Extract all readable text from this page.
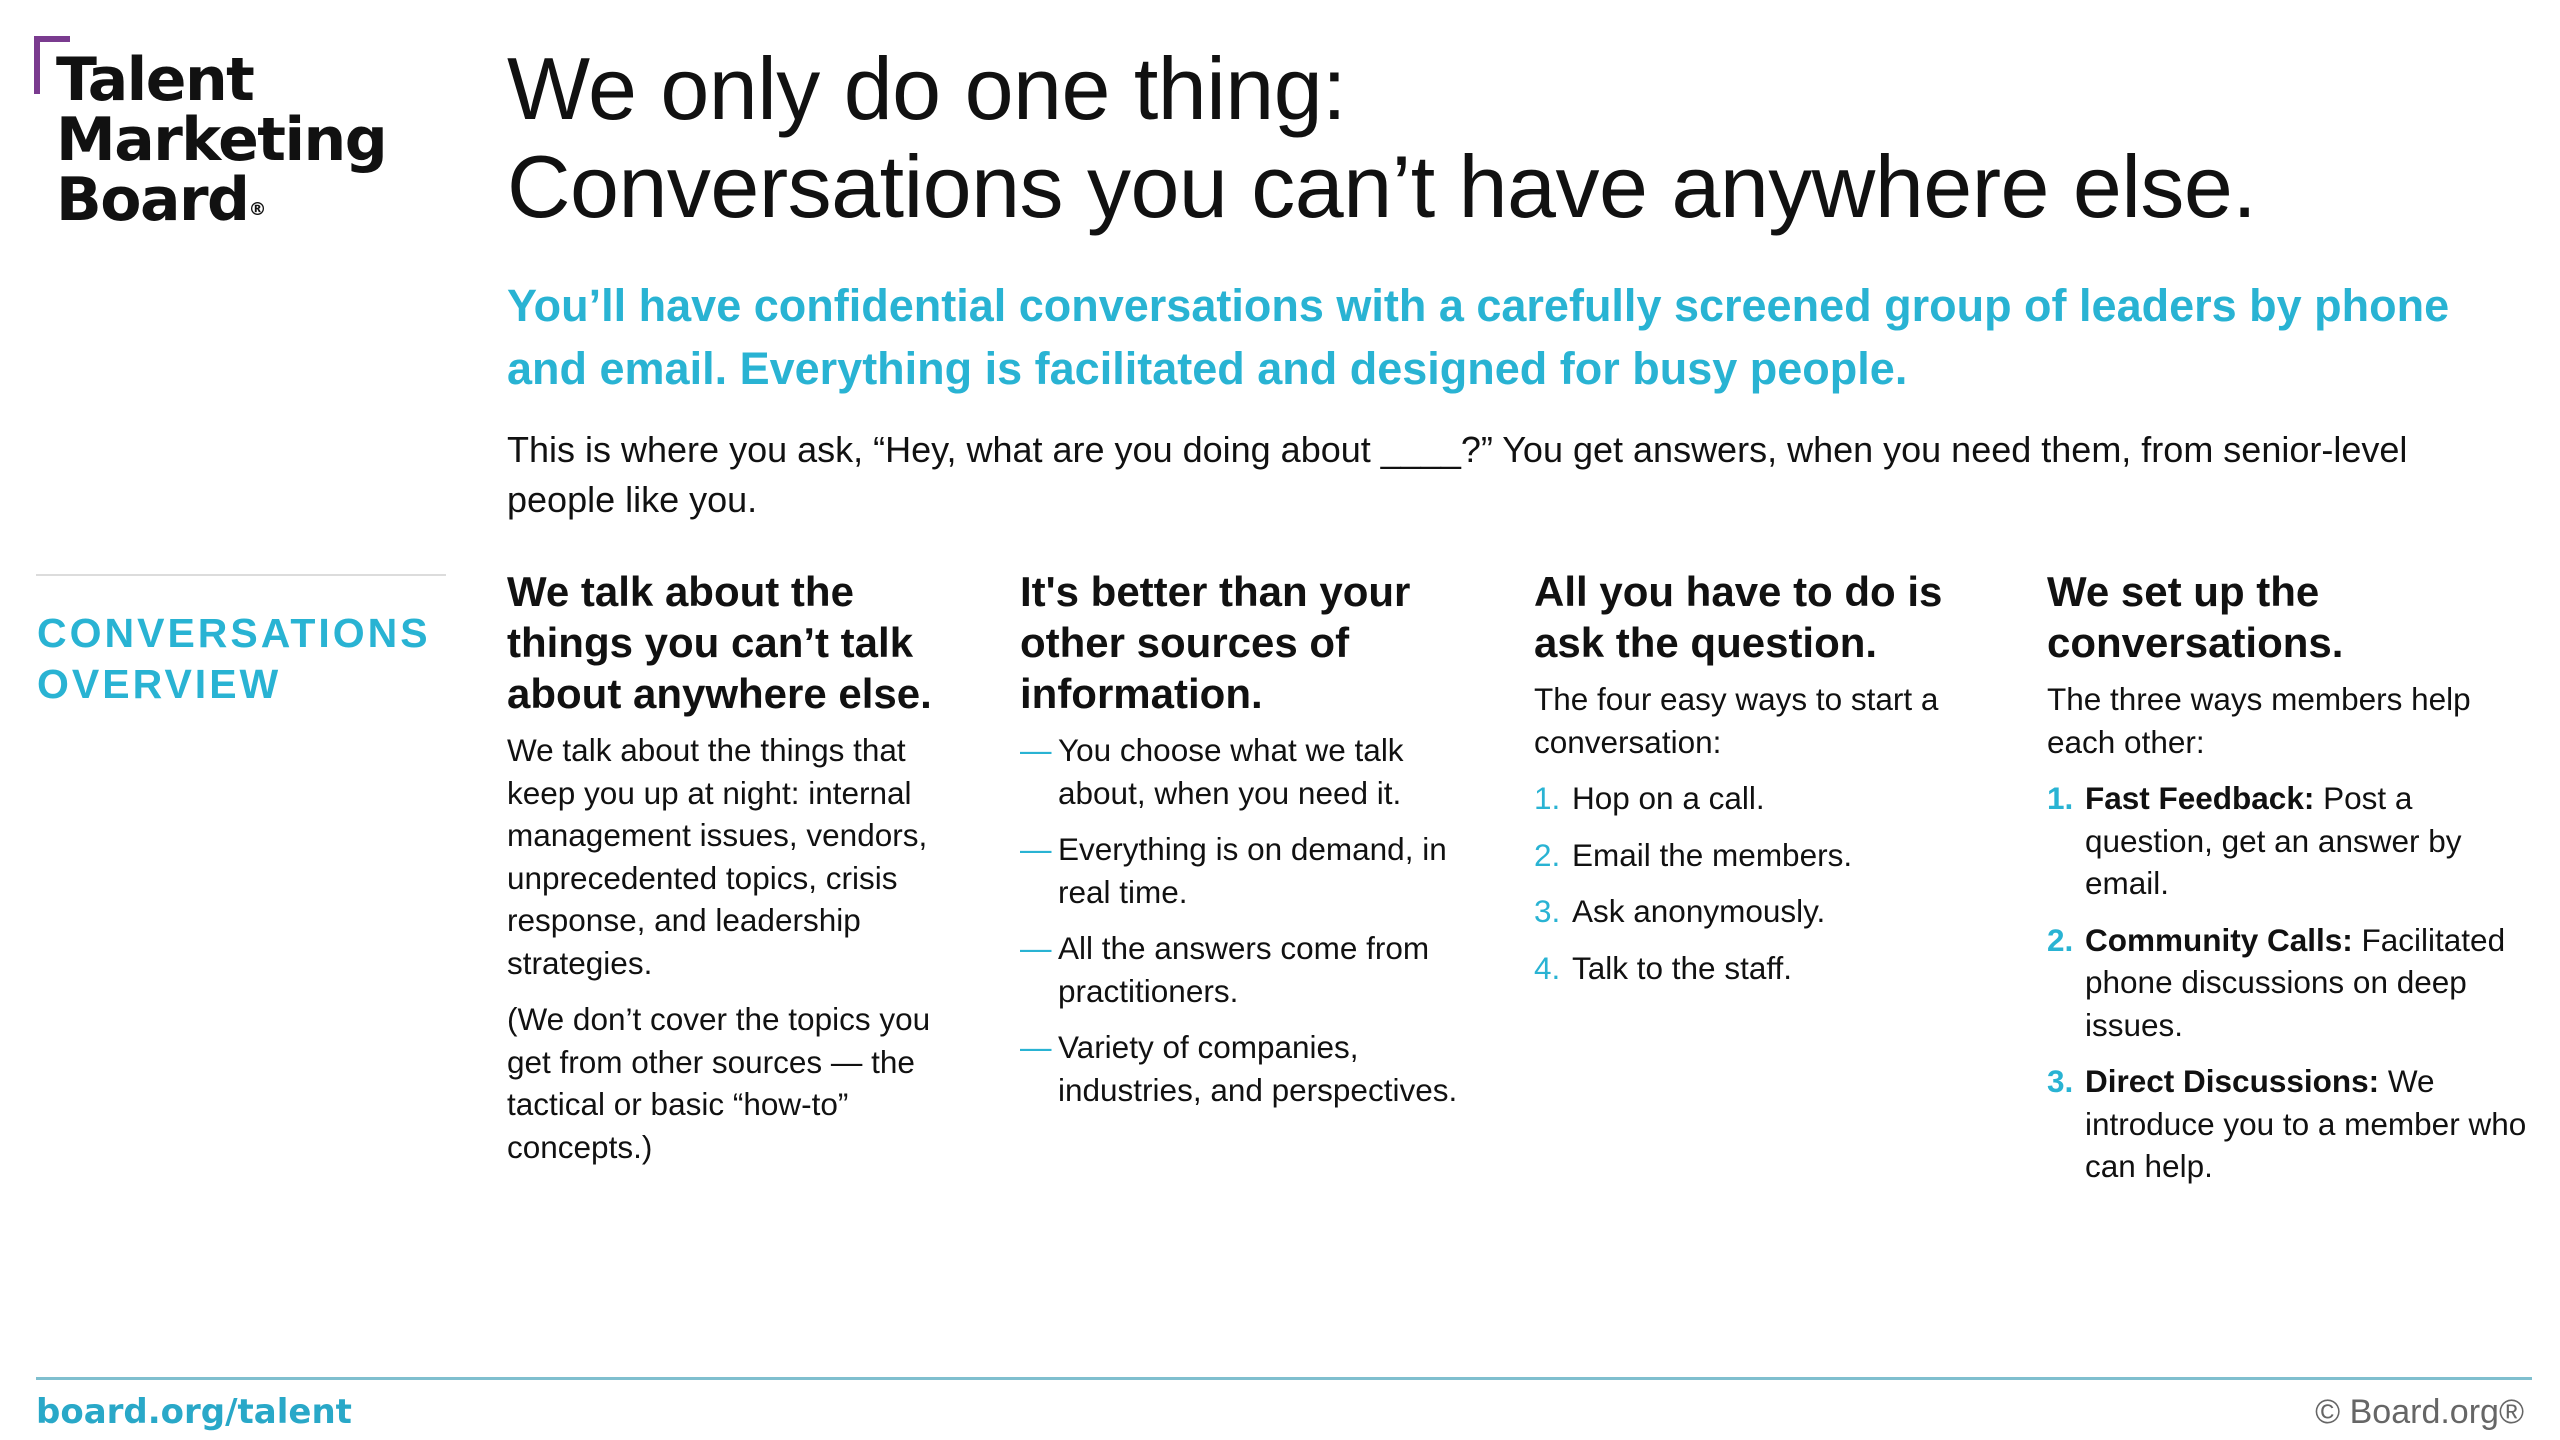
Talent
Marketing
Board®
We only do one thing:
Conversations you can’t have anywhere else.

You’ll have confidential conversations with a carefully screened group of leaders by phone and email. Everything is facilitated and designed for busy people.

This is where you ask, “Hey, what are you doing about ____?” You get answers, when you need them, from senior-level people like you.

CONVERSATIONS
OVERVIEW
We talk about the things you can’t talk about anywhere else.

We talk about the things that keep you up at night: internal management issues, vendors, unprecedented topics, crisis response, and leadership strategies.

(We don’t cover the topics you get from other sources — the tactical or basic “how-to” concepts.)

It's better than your other sources of information.
— You choose what we talk about, when you need it.
— Everything is on demand, in real time.
— All the answers come from practitioners.
— Variety of companies, industries, and perspectives.
All you have to do is ask the question.

The four easy ways to start a conversation:

1. Hop on a call.
2. Email the members.
3. Ask anonymously.
4. Talk to the staff.
We set up the conversations.

The three ways members help each other:

1. Fast Feedback: Post a question, get an answer by email.
2. Community Calls: Facilitated phone discussions on deep issues.
3. Direct Discussions: We introduce you to a member who can help.
board.org/talent	© Board.org®
